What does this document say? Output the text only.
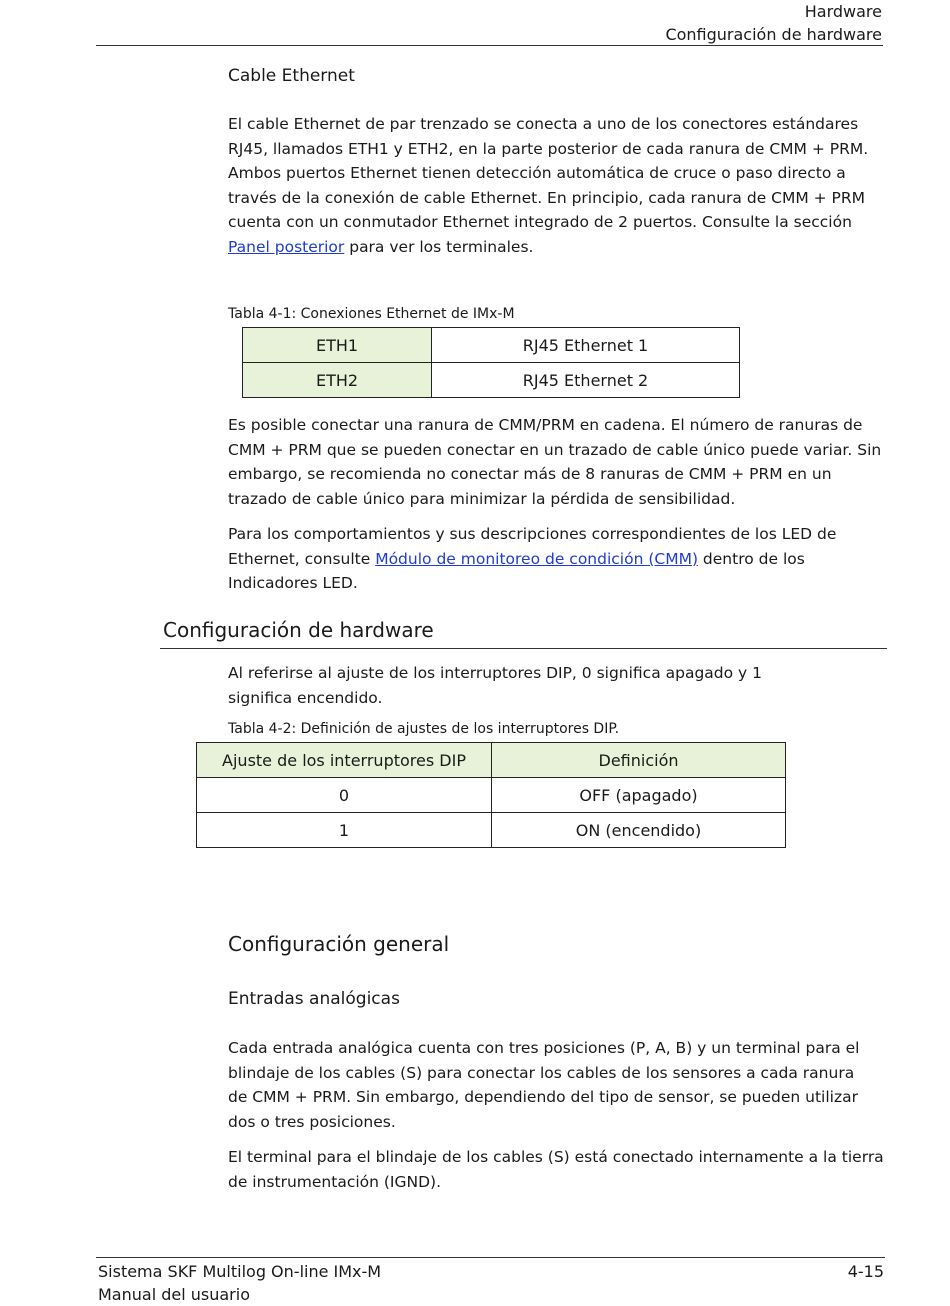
Hardware
Configuración de hardware
Cable Ethernet

El cable Ethernet de par trenzado se conecta a uno de los conectores estándares RJ45, llamados ETH1 y ETH2, en la parte posterior de cada ranura de CMM + PRM. Ambos puertos Ethernet tienen detección automática de cruce o paso directo a través de la conexión de cable Ethernet. En principio, cada ranura de CMM + PRM cuenta con un conmutador Ethernet integrado de 2 puertos. Consulte la sección Panel posterior para ver los terminales.

Tabla 4-1: Conexiones Ethernet de IMx-M
ETH1	RJ45 Ethernet 1
ETH2	RJ45 Ethernet 2

Es posible conectar una ranura de CMM/PRM en cadena. El número de ranuras de CMM + PRM que se pueden conectar en un trazado de cable único puede variar. Sin embargo, se recomienda no conectar más de 8 ranuras de CMM + PRM en un trazado de cable único para minimizar la pérdida de sensibilidad.

Para los comportamientos y sus descripciones correspondientes de los LED de Ethernet, consulte Módulo de monitoreo de condición (CMM) dentro de los Indicadores LED.

Configuración de hardware

Al referirse al ajuste de los interruptores DIP, 0 significa apagado y 1 significa encendido.

Tabla 4-2: Definición de ajustes de los interruptores DIP.
Ajuste de los interruptores DIP	Definición
0	OFF (apagado)
1	ON (encendido)
Configuración general
Entradas analógicas

Cada entrada analógica cuenta con tres posiciones (P, A, B) y un terminal para el blindaje de los cables (S) para conectar los cables de los sensores a cada ranura de CMM + PRM. Sin embargo, dependiendo del tipo de sensor, se pueden utilizar dos o tres posiciones.

El terminal para el blindaje de los cables (S) está conectado internamente a la tierra de instrumentación (IGND).

Sistema SKF Multilog On-line IMx-M
Manual del usuario
4-15
